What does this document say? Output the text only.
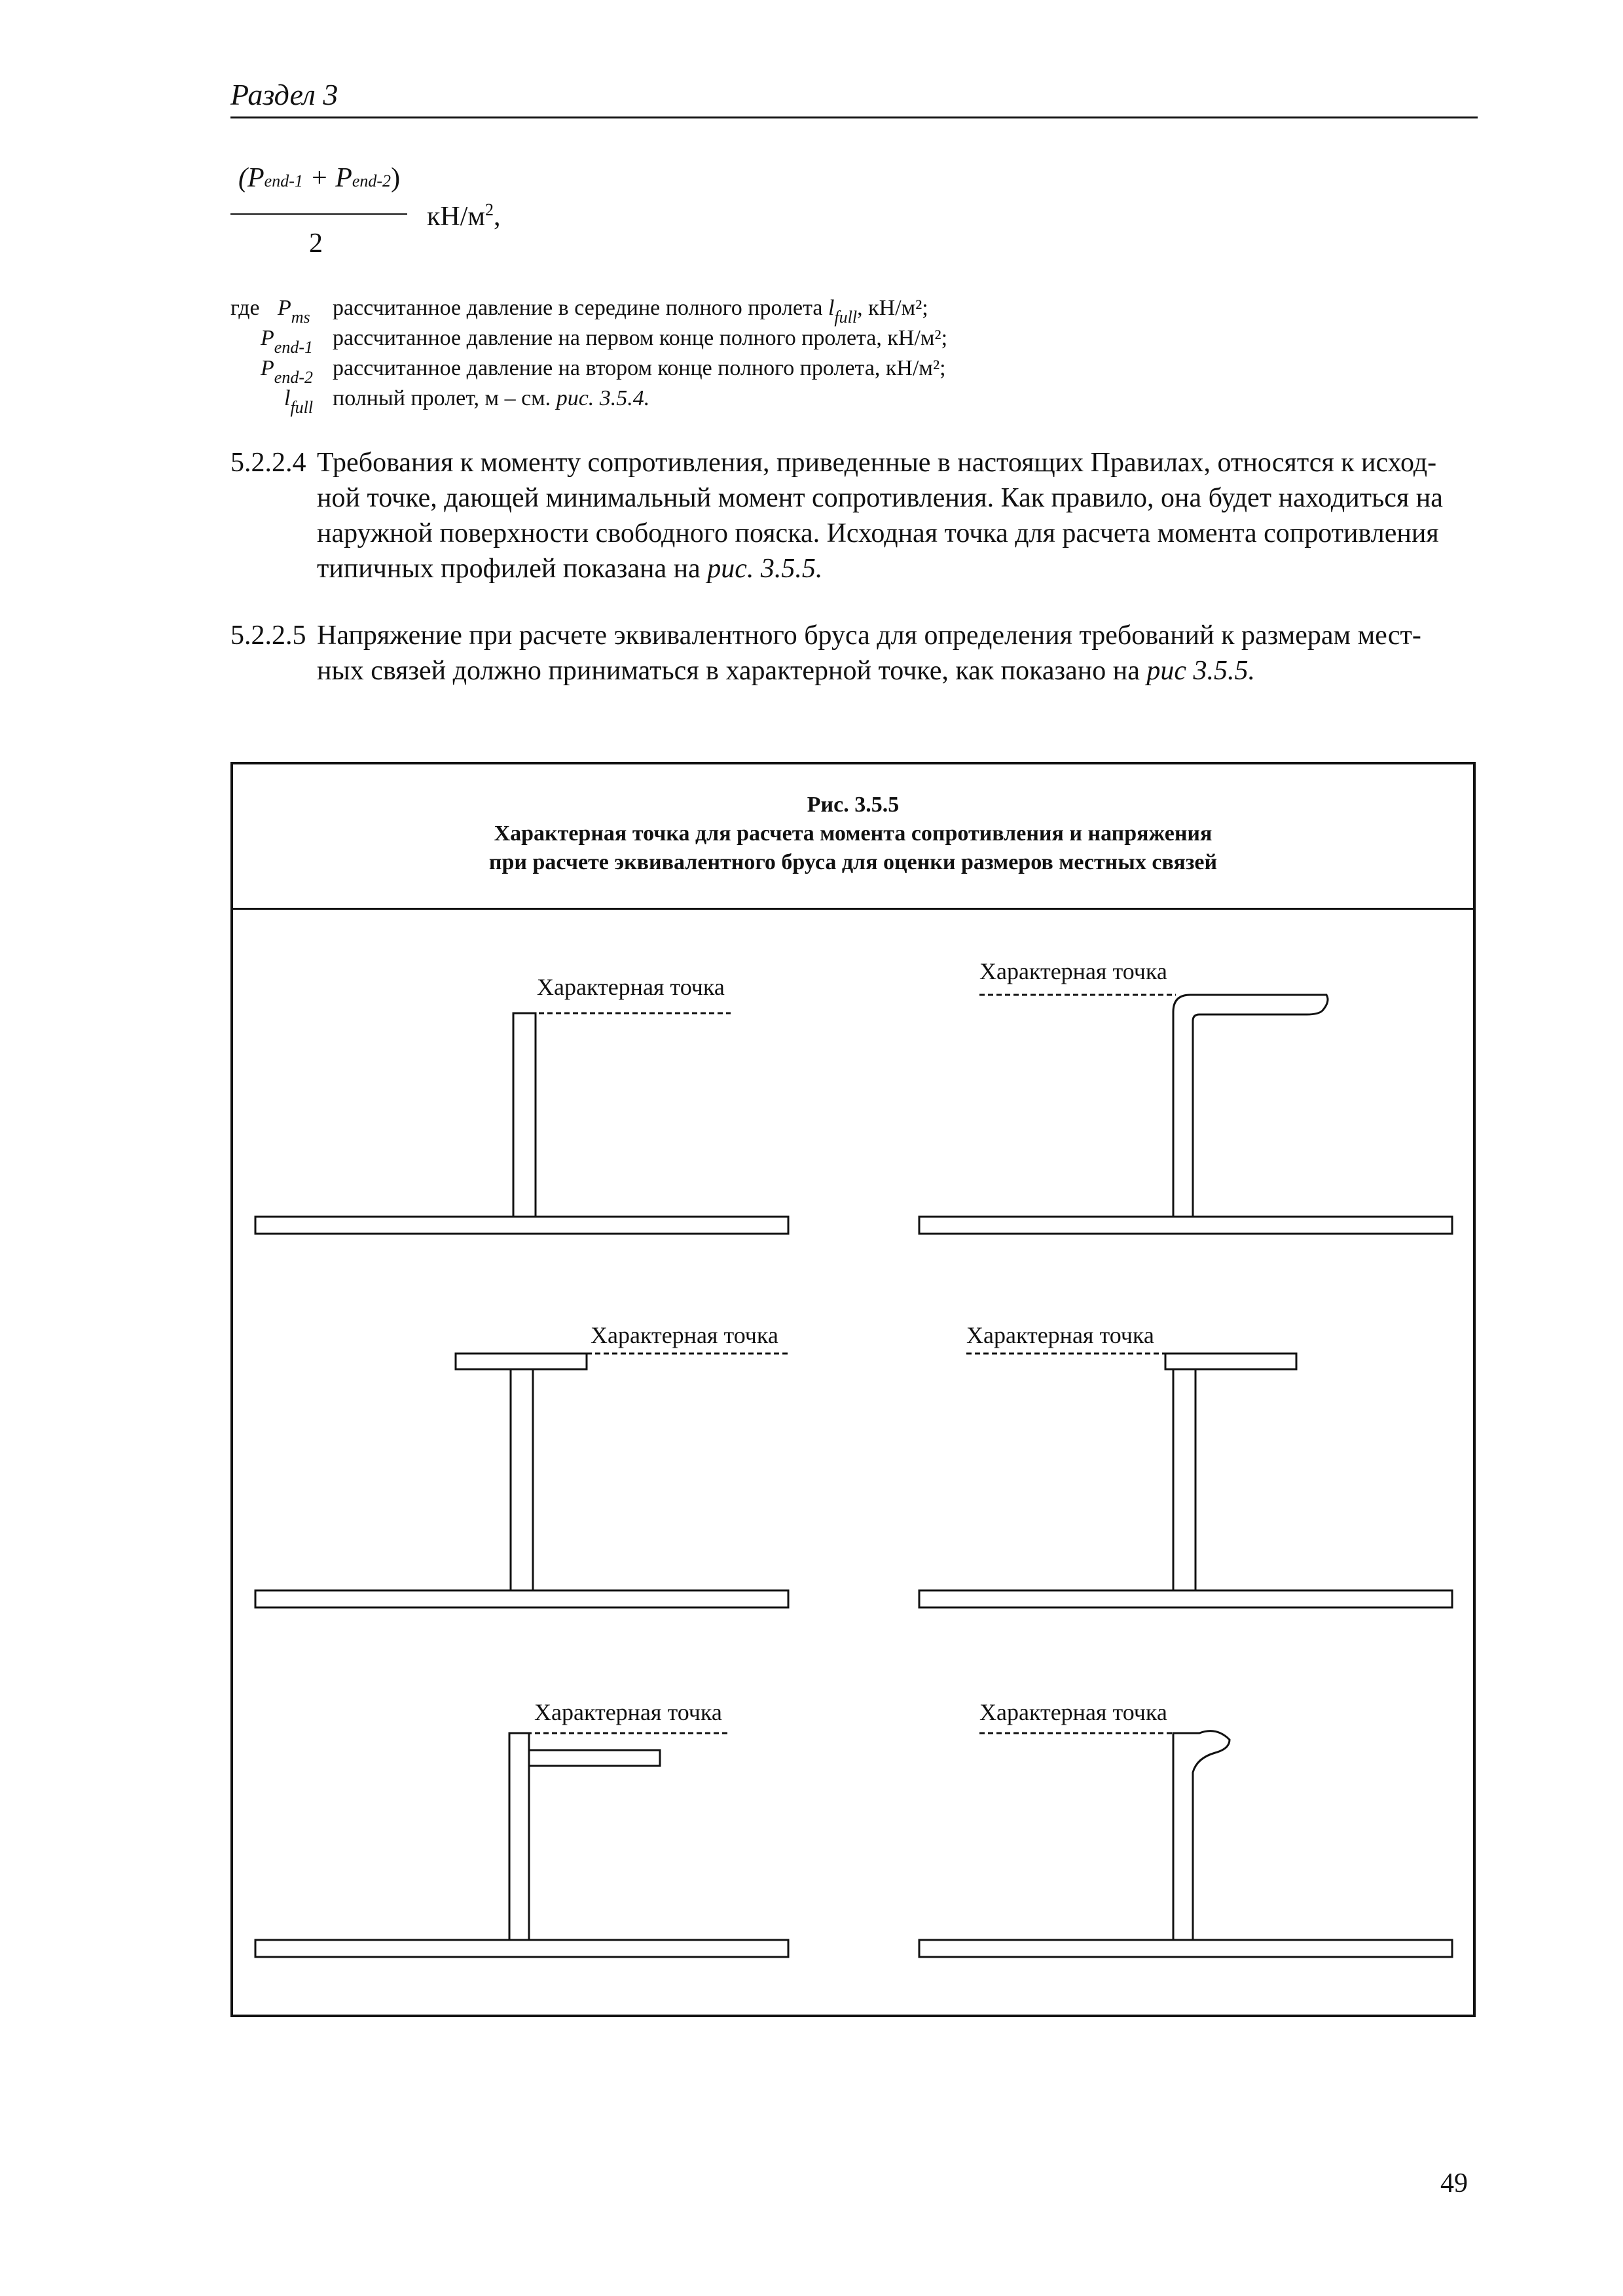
Раздел 3
(Pend-1 + Pend-2)
2
$кН/м^2$,
где $P_{ms}$ рассчитанное давление в середине полного пролета $l_{full}$, кН/м²;
$P_{end-1}$ рассчитанное давление на первом конце полного пролета, кН/м²;
$P_{end-2}$ рассчитанное давление на втором конце полного пролета, кН/м²;
$l_{full}$ полный пролет, м – см. рис. 3.5.4.
5.2.2.4 Требования к моменту сопротивления, приведенные в настоящих Правилах, относятся к исход-
ной точке, дающей минимальный момент сопротивления. Как правило, она будет находиться на
наружной поверхности свободного пояска. Исходная точка для расчета момента сопротивления
типичных профилей показана на рис. 3.5.5.
5.2.2.5 Напряжение при расчете эквивалентного бруса для определения требований к размерам мест-
ных связей должно приниматься в характерной точке, как показано на рис 3.5.5.
Рис. 3.5.5
Характерная точка для расчета момента сопротивления и напряжения
при расчете эквивалентного бруса для оценки размеров местных связей
Характерная точка
Характерная точка
Характерная точка	Характерная точка
Характерная точка	Характерная точка
49
